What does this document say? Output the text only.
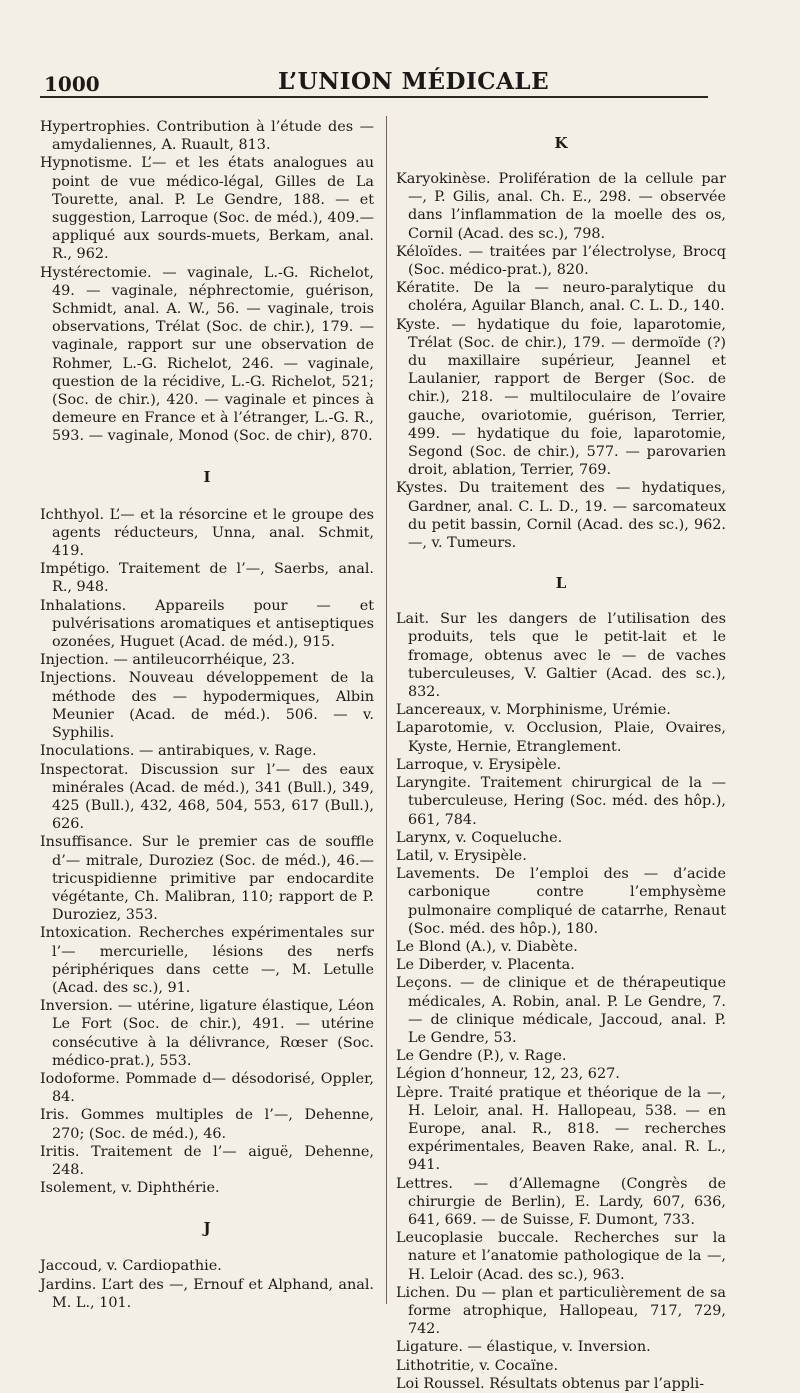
1000	L’UNION MÉDICALE

Hypertrophies. Contribution à l’étude des — amydaliennes, A. Ruault, 813.

Hypnotisme. L’— et les états analogues au point de vue médico-légal, Gilles de La Tourette, anal. P. Le Gendre, 188. — et suggestion, Larroque (Soc. de méd.), 409.— appliqué aux sourds-muets, Berkam, anal. R., 962.

Hystérectomie. — vaginale, L.-G. Richelot, 49. — vaginale, néphrectomie, guérison, Schmidt, anal. A. W., 56. — vaginale, trois observations, Trélat (Soc. de chir.), 179. — vaginale, rapport sur une observation de Rohmer, L.-G. Richelot, 246. — vaginale, question de la récidive, L.-G. Richelot, 521; (Soc. de chir.), 420. — vaginale et pinces à demeure en France et à l’étranger, L.-G. R., 593. — vaginale, Monod (Soc. de chir), 870.

I

Ichthyol. L’— et la résorcine et le groupe des agents réducteurs, Unna, anal. Schmit, 419.

Impétigo. Traitement de l’—, Saerbs, anal. R., 948.

Inhalations. Appareils pour — et pulvérisations aromatiques et antiseptiques ozonées, Huguet (Acad. de méd.), 915.

Injection. — antileucorrhéique, 23.

Injections. Nouveau développement de la méthode des — hypodermiques, Albin Meunier (Acad. de méd.). 506. — v. Syphilis.

Inoculations. — antirabiques, v. Rage.

Inspectorat. Discussion sur l’— des eaux minérales (Acad. de méd.), 341 (Bull.), 349, 425 (Bull.), 432, 468, 504, 553, 617 (Bull.), 626.

Insuffisance. Sur le premier cas de souffle d’— mitrale, Duroziez (Soc. de méd.), 46.— tricuspidienne primitive par endocardite végétante, Ch. Malibran, 110; rapport de P. Duroziez, 353.

Intoxication. Recherches expérimentales sur l’— mercurielle, lésions des nerfs périphériques dans cette —, M. Letulle (Acad. des sc.), 91.

Inversion. — utérine, ligature élastique, Léon Le Fort (Soc. de chir.), 491. — utérine consécutive à la délivrance, Rœser (Soc. médico-prat.), 553.

Iodoforme. Pommade d— désodorisé, Oppler, 84.

Iris. Gommes multiples de l’—, Dehenne, 270; (Soc. de méd.), 46.

Iritis. Traitement de l’— aiguë, Dehenne, 248.

Isolement, v. Diphthérie.

J

Jaccoud, v. Cardiopathie.

Jardins. L’art des —, Ernouf et Alphand, anal. M. L., 101.

K

Karyokinèse. Prolifération de la cellule par —, P. Gilis, anal. Ch. E., 298. — observée dans l’inflammation de la moelle des os, Cornil (Acad. des sc.), 798.

Kéloïdes. — traitées par l’électrolyse, Brocq (Soc. médico-prat.), 820.

Kératite. De la — neuro-paralytique du choléra, Aguilar Blanch, anal. C. L. D., 140.

Kyste. — hydatique du foie, laparotomie, Trélat (Soc. de chir.), 179. — dermoïde (?) du maxillaire supérieur, Jeannel et Laulanier, rapport de Berger (Soc. de chir.), 218. — multiloculaire de l’ovaire gauche, ovariotomie, guérison, Terrier, 499. — hydatique du foie, laparotomie, Segond (Soc. de chir.), 577. — parovarien droit, ablation, Terrier, 769.

Kystes. Du traitement des — hydatiques, Gardner, anal. C. L. D., 19. — sarcomateux du petit bassin, Cornil (Acad. des sc.), 962. —, v. Tumeurs.

L

Lait. Sur les dangers de l’utilisation des produits, tels que le petit-lait et le fromage, obtenus avec le — de vaches tuberculeuses, V. Galtier (Acad. des sc.), 832.

Lancereaux, v. Morphinisme, Urémie.

Laparotomie, v. Occlusion, Plaie, Ovaires, Kyste, Hernie, Etranglement.

Larroque, v. Erysipèle.

Laryngite. Traitement chirurgical de la — tuberculeuse, Hering (Soc. méd. des hôp.), 661, 784.

Larynx, v. Coqueluche.

Latil, v. Erysipèle.

Lavements. De l’emploi des — d’acide carbonique contre l’emphysème pulmonaire compliqué de catarrhe, Renaut (Soc. méd. des hôp.), 180.

Le Blond (A.), v. Diabète.

Le Diberder, v. Placenta.

Leçons. — de clinique et de thérapeutique médicales, A. Robin, anal. P. Le Gendre, 7. — de clinique médicale, Jaccoud, anal. P. Le Gendre, 53.

Le Gendre (P.), v. Rage.

Légion d’honneur, 12, 23, 627.

Lèpre. Traité pratique et théorique de la —, H. Leloir, anal. H. Hallopeau, 538. — en Europe, anal. R., 818. — recherches expérimentales, Beaven Rake, anal. R. L., 941.

Lettres. — d’Allemagne (Congrès de chirurgie de Berlin), E. Lardy, 607, 636, 641, 669. — de Suisse, F. Dumont, 733.

Leucoplasie buccale. Recherches sur la nature et l’anatomie pathologique de la —, H. Leloir (Acad. des sc.), 963.

Lichen. Du — plan et particulièrement de sa forme atrophique, Hallopeau, 717, 729, 742.

Ligature. — élastique, v. Inversion.

Lithotritie, v. Cocaïne.

Loi Roussel. Résultats obtenus par l’appli-
